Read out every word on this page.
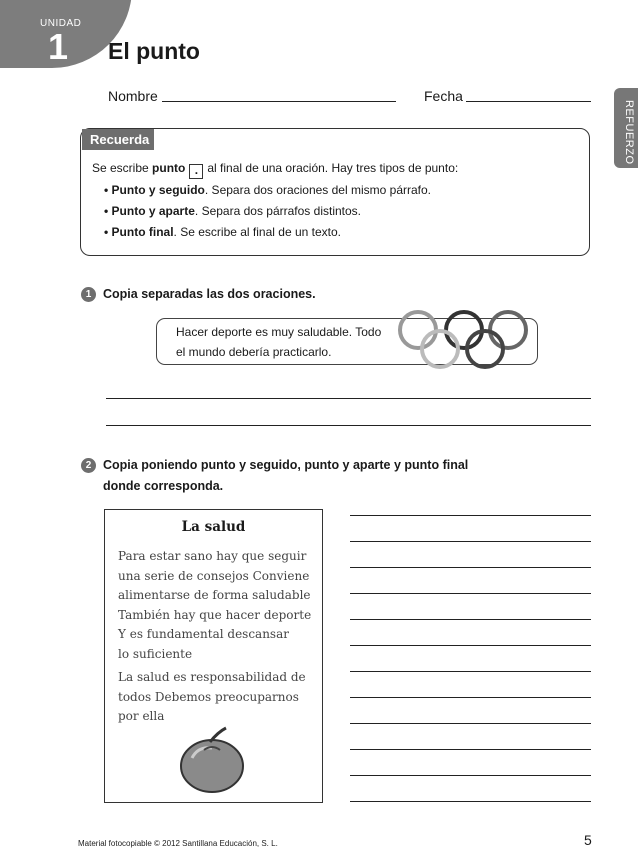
UNIDAD
1 El punto
REFUERZO
Nombre	Fecha
Recuerda
Se escribe punto . al final de una oración. Hay tres tipos de punto:
• Punto y seguido. Separa dos oraciones del mismo párrafo.
• Punto y aparte. Separa dos párrafos distintos.
• Punto final. Se escribe al final de un texto.
1 Copia separadas las dos oraciones.
Hacer deporte es muy saludable. Todo
el mundo debería practicarlo.
2 Copia poniendo punto y seguido, punto y aparte y punto final
donde corresponda.
La salud
Para estar sano hay que seguir
una serie de consejos Conviene
alimentarse de forma saludable
También hay que hacer deporte
Y es fundamental descansar
lo suficiente
La salud es responsabilidad de
todos Debemos preocuparnos
por ella
Material fotocopiable © 2012 Santillana Educación, S. L.	5
